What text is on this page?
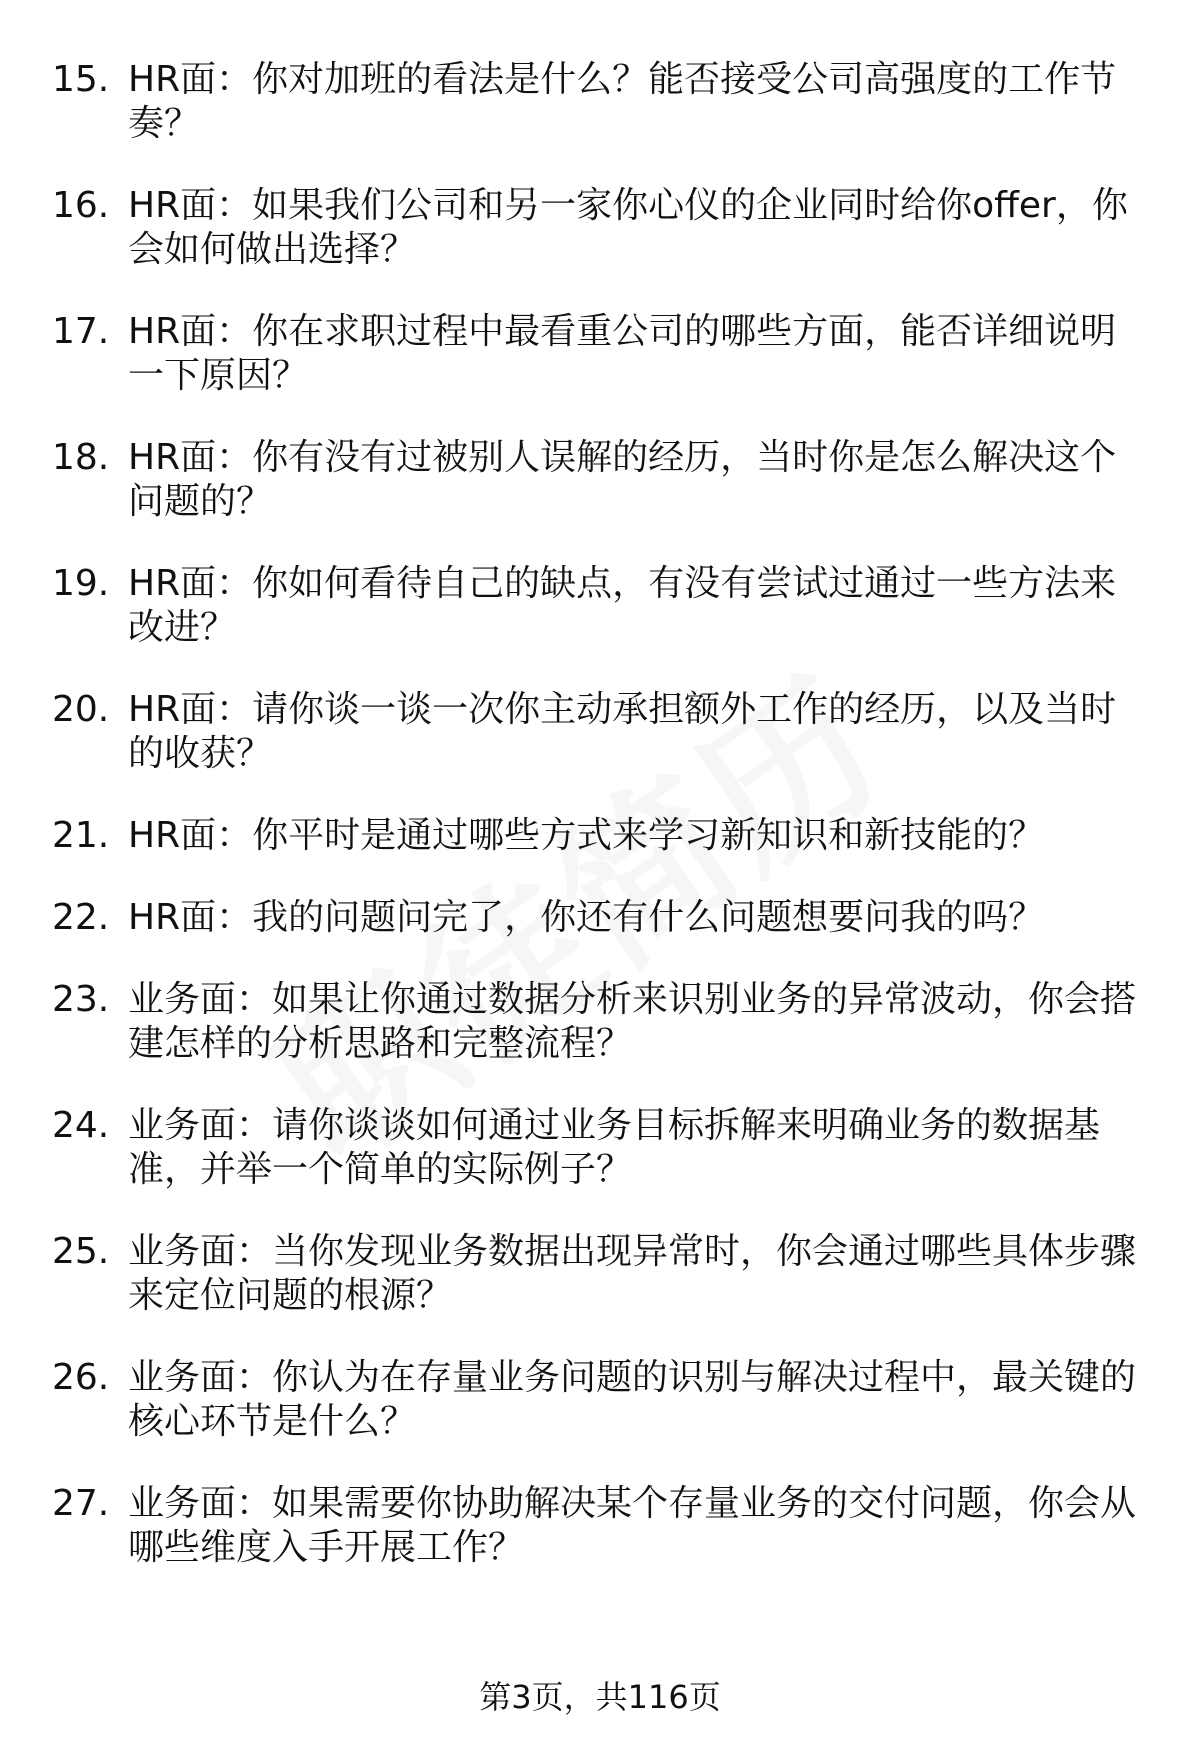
15. HR面：你对加班的看法是什么？能否接受公司高强度的工作节奏？
16. HR面：如果我们公司和另一家你心仪的企业同时给你offer，你会如何做出选择？
17. HR面：你在求职过程中最看重公司的哪些方面，能否详细说明一下原因？
18. HR面：你有没有过被别人误解的经历，当时你是怎么解决这个问题的？
19. HR面：你如何看待自己的缺点，有没有尝试过通过一些方法来改进？
20. HR面：请你谈一谈一次你主动承担额外工作的经历，以及当时的收获？
21. HR面：你平时是通过哪些方式来学习新知识和新技能的？
22. HR面：我的问题问完了，你还有什么问题想要问我的吗？
23. 业务面：如果让你通过数据分析来识别业务的异常波动，你会搭建怎样的分析思路和完整流程？
24. 业务面：请你谈谈如何通过业务目标拆解来明确业务的数据基准，并举一个简单的实际例子？
25. 业务面：当你发现业务数据出现异常时，你会通过哪些具体步骤来定位问题的根源？
26. 业务面：你认为在存量业务问题的识别与解决过程中，最关键的核心环节是什么？
27. 业务面：如果需要你协助解决某个存量业务的交付问题，你会从哪些维度入手开展工作？
第3页，共116页
